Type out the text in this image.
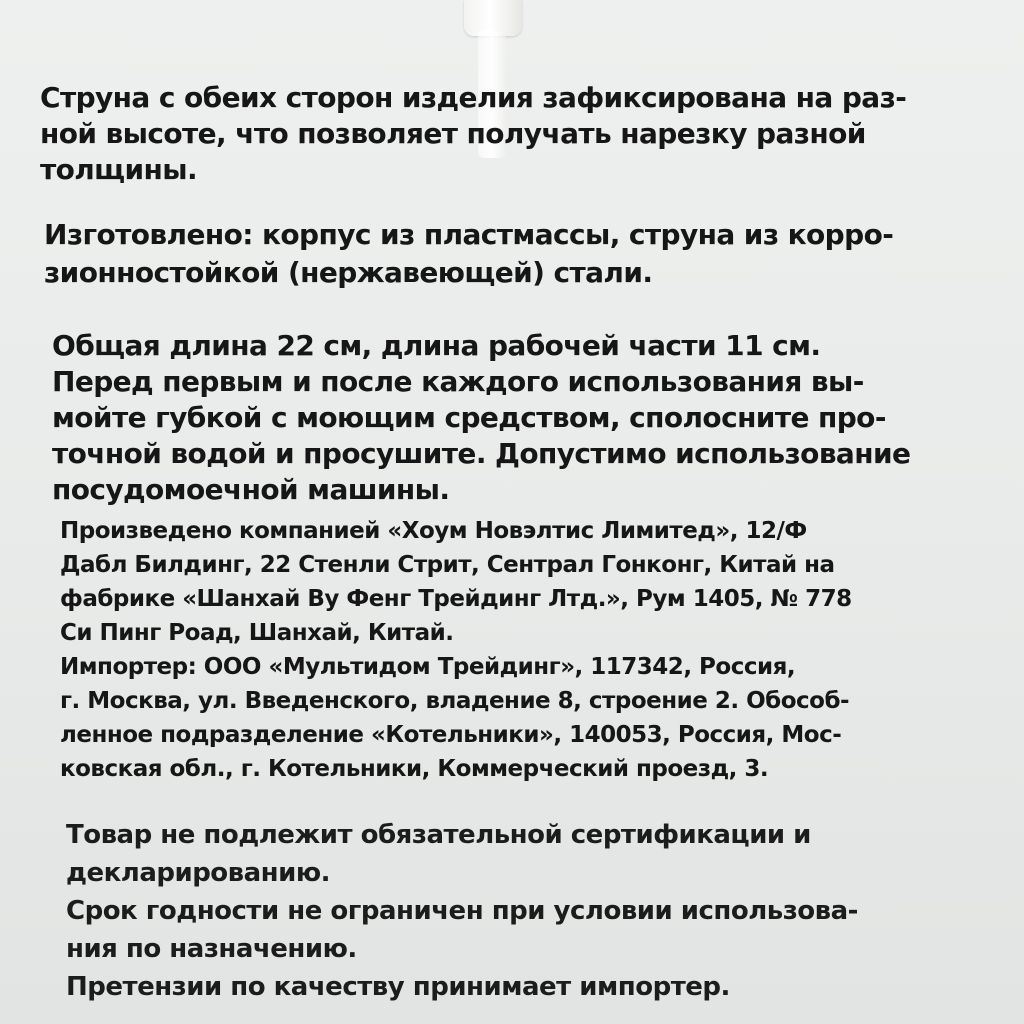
Струна с обеих сторон изделия зафиксирована на раз-
ной высоте, что позволяет получать нарезку разной
толщины.

Изготовлено: корпус из пластмассы, струна из корро-
зионностойкой (нержавеющей) стали.

Общая длина 22 см, длина рабочей части 11 см.
Перед первым и после каждого использования вы-
мойте губкой с моющим средством, сполосните про-
точной водой и просушите. Допустимо использование
посудомоечной машины.

Произведено компанией «Хоум Новэлтис Лимитед», 12/Ф
Дабл Билдинг, 22 Стенли Стрит, Сентрал Гонконг, Китай на
фабрике «Шанхай Ву Фенг Трейдинг Лтд.», Рум 1405, № 778
Си Пинг Роад, Шанхай, Китай.
Импортер: ООО «Мультидом Трейдинг», 117342, Россия,
г. Москва, ул. Введенского, владение 8, строение 2. Обособ-
ленное подразделение «Котельники», 140053, Россия, Мос-
ковская обл., г. Котельники, Коммерческий проезд, 3.

Товар не подлежит обязательной сертификации и
декларированию.
Срок годности не ограничен при условии использова-
ния по назначению.
Претензии по качеству принимает импортер.
